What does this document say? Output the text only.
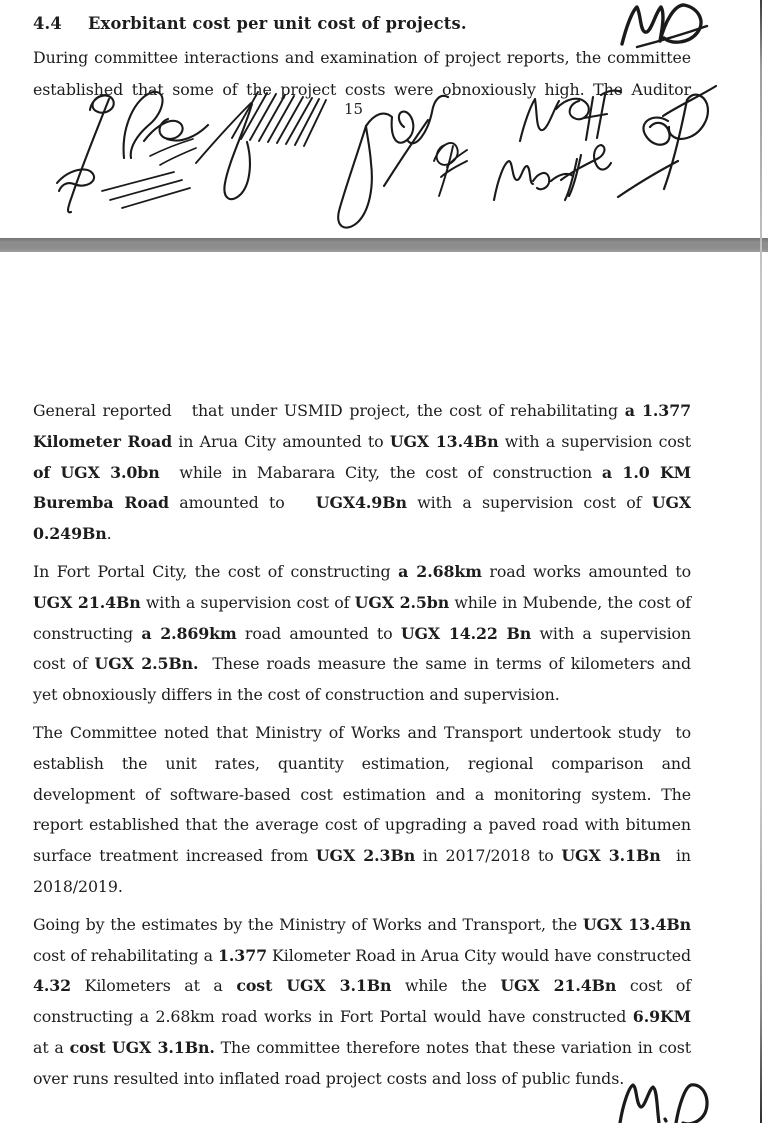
4.4 Exorbitant cost per unit cost of projects.

During committee interactions and examination of project reports, the committee established that some of the project costs were obnoxiously high. The Auditor

15

General reported   that under USMID project, the cost of rehabilitating a 1.377 Kilometer Road in Arua City amounted to UGX 13.4Bn with a supervision cost of UGX 3.0bn  while in Mabarara City, the cost of construction a 1.0 KM Buremba Road amounted to   UGX4.9Bn with a supervision cost of UGX 0.249Bn.

In Fort Portal City, the cost of constructing a 2.68km road works amounted to UGX 21.4Bn with a supervision cost of UGX 2.5bn while in Mubende, the cost of constructing a 2.869km road amounted to UGX 14.22 Bn with a supervision cost of UGX 2.5Bn.  These roads measure the same in terms of kilometers and yet obnoxiously differs in the cost of construction and supervision.

The Committee noted that Ministry of Works and Transport undertook study  to establish the unit rates, quantity estimation, regional comparison and development of software-based cost estimation and a monitoring system. The report established that the average cost of upgrading a paved road with bitumen surface treatment increased from UGX 2.3Bn in 2017/2018 to UGX 3.1Bn  in 2018/2019.

Going by the estimates by the Ministry of Works and Transport, the UGX 13.4Bn cost of rehabilitating a 1.377 Kilometer Road in Arua City would have constructed 4.32 Kilometers at a cost UGX 3.1Bn while the UGX 21.4Bn cost of constructing a 2.68km road works in Fort Portal would have constructed 6.9KM at a cost UGX 3.1Bn. The committee therefore notes that these variation in cost over runs resulted into inflated road project costs and loss of public funds.
